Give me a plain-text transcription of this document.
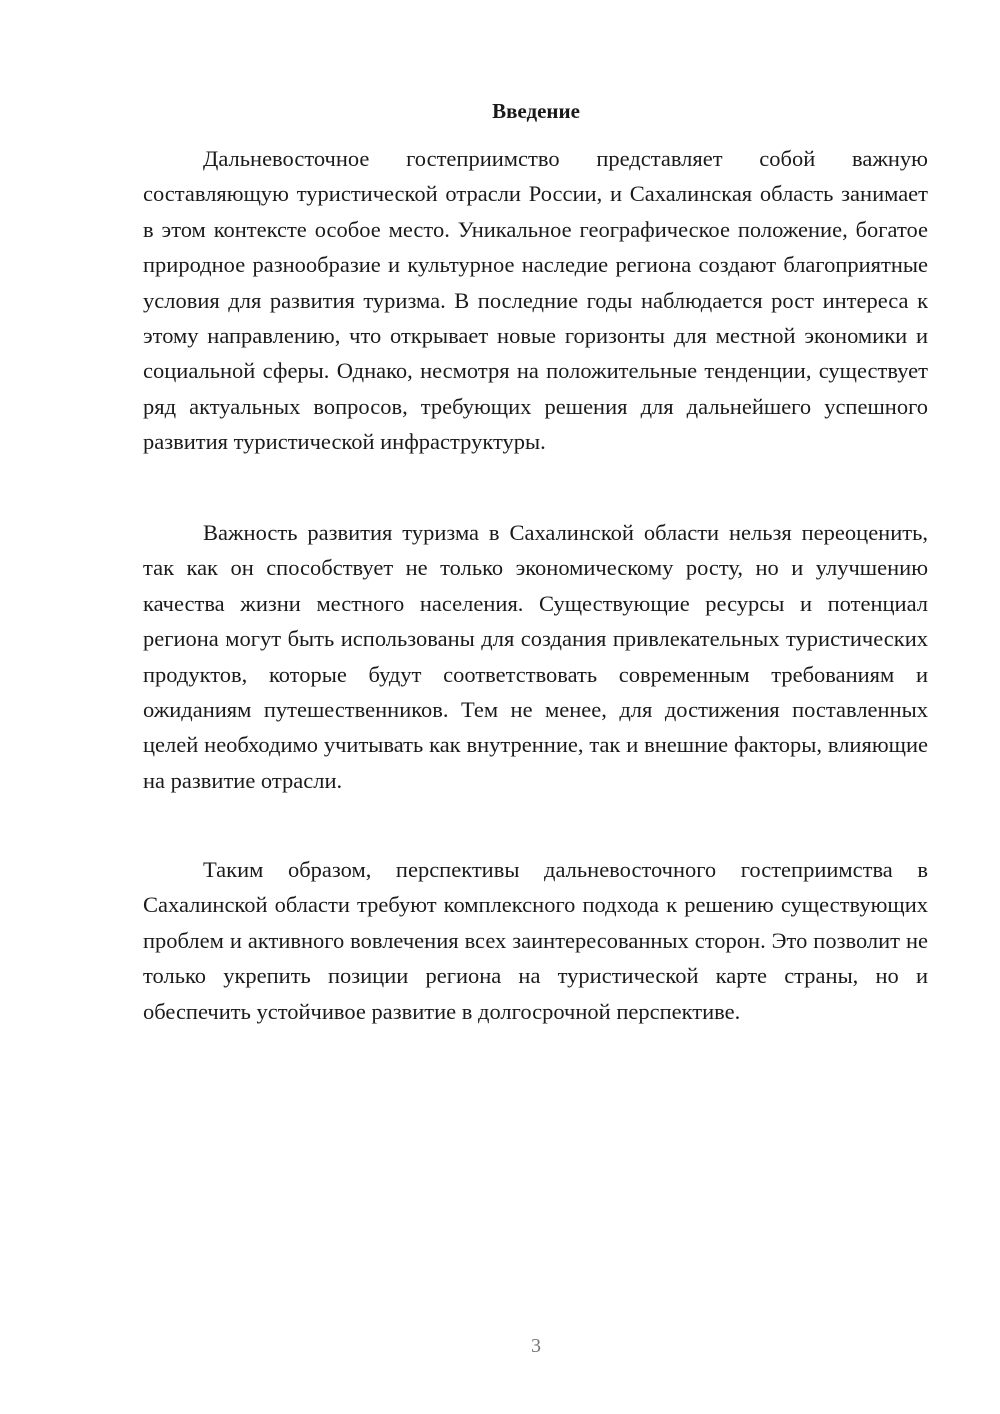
Введение

Дальневосточное гостеприимство представляет собой важную составляющую туристической отрасли России, и Сахалинская область занимает в этом контексте особое место. Уникальное географическое положение, богатое природное разнообразие и культурное наследие региона создают благоприятные условия для развития туризма. В последние годы наблюдается рост интереса к этому направлению, что открывает новые горизонты для местной экономики и социальной сферы. Однако, несмотря на положительные тенденции, существует ряд актуальных вопросов, требующих решения для дальнейшего успешного развития туристической инфраструктуры.

Важность развития туризма в Сахалинской области нельзя переоценить, так как он способствует не только экономическому росту, но и улучшению качества жизни местного населения. Существующие ресурсы и потенциал региона могут быть использованы для создания привлекательных туристических продуктов, которые будут соответствовать современным требованиям и ожиданиям путешественников. Тем не менее, для достижения поставленных целей необходимо учитывать как внутренние, так и внешние факторы, влияющие на развитие отрасли.

Таким образом, перспективы дальневосточного гостеприимства в Сахалинской области требуют комплексного подхода к решению существующих проблем и активного вовлечения всех заинтересованных сторон. Это позволит не только укрепить позиции региона на туристической карте страны, но и обеспечить устойчивое развитие в долгосрочной перспективе.

3
